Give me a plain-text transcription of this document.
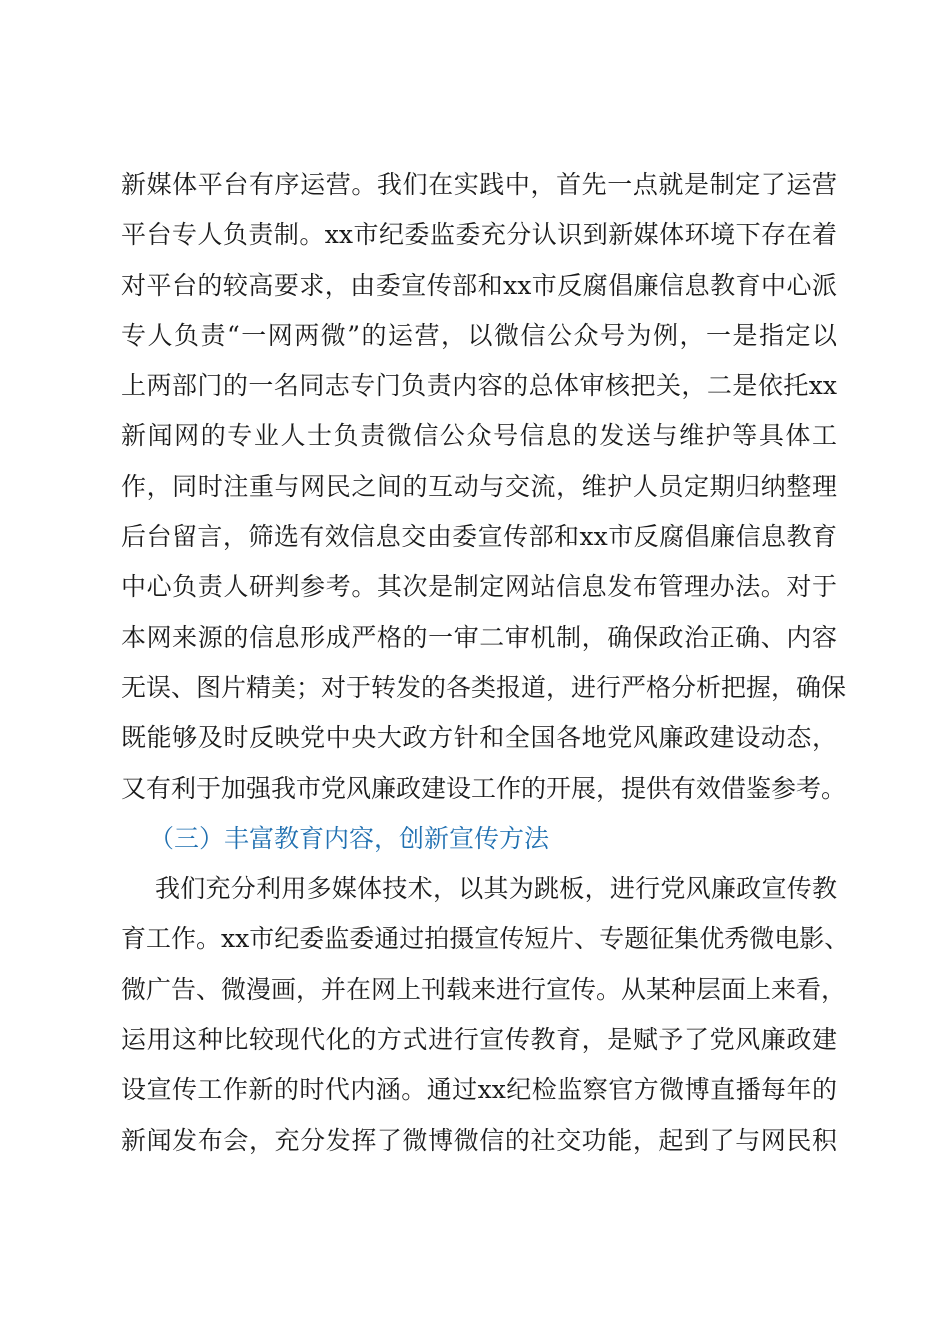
新媒体平台有序运营。我们在实践中，首先一点就是制定了运营
平台专人负责制。xx市纪委监委充分认识到新媒体环境下存在着
对平台的较高要求，由委宣传部和xx市反腐倡廉信息教育中心派
专人负责“一网两微”的运营，以微信公众号为例，一是指定以
上两部门的一名同志专门负责内容的总体审核把关，二是依托xx
新闻网的专业人士负责微信公众号信息的发送与维护等具体工
作，同时注重与网民之间的互动与交流，维护人员定期归纳整理
后台留言，筛选有效信息交由委宣传部和xx市反腐倡廉信息教育
中心负责人研判参考。其次是制定网站信息发布管理办法。对于
本网来源的信息形成严格的一审二审机制，确保政治正确、内容
无误、图片精美；对于转发的各类报道，进行严格分析把握，确保
既能够及时反映党中央大政方针和全国各地党风廉政建设动态，
又有利于加强我市党风廉政建设工作的开展，提供有效借鉴参考。
（三）丰富教育内容，创新宣传方法
我们充分利用多媒体技术，以其为跳板，进行党风廉政宣传教
育工作。xx市纪委监委通过拍摄宣传短片、专题征集优秀微电影、
微广告、微漫画，并在网上刊载来进行宣传。从某种层面上来看，
运用这种比较现代化的方式进行宣传教育，是赋予了党风廉政建
设宣传工作新的时代内涵。通过xx纪检监察官方微博直播每年的
新闻发布会，充分发挥了微博微信的社交功能，起到了与网民积
